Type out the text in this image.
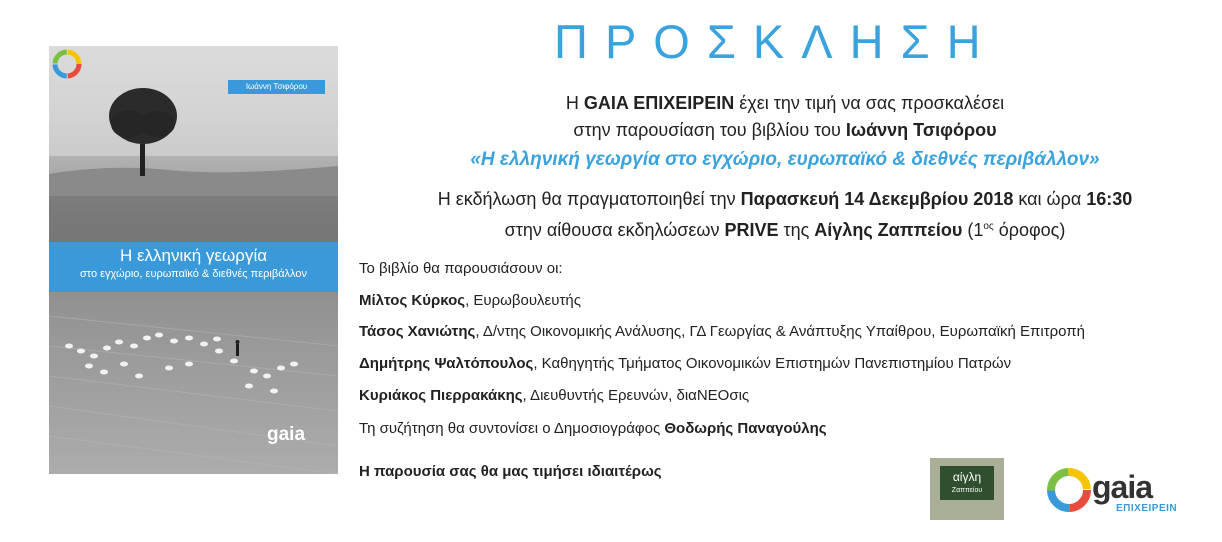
Ιωάννη Τσιφόρου
Η ελληνική γεωργία
στο εγχώριο, ευρωπαϊκό & διεθνές περιβάλλον
gaia
ΠΡΟΣΚΛΗΣΗ
Η GAIA ΕΠΙΧΕΙΡΕΙΝ έχει την τιμή να σας προσκαλέσει
στην παρουσίαση του βιβλίου του Ιωάννη Τσιφόρου
«Η ελληνική γεωργία στο εγχώριο, ευρωπαϊκό & διεθνές περιβάλλον»
Η εκδήλωση θα πραγματοποιηθεί την Παρασκευή 14 Δεκεμβρίου 2018 και ώρα 16:30
στην αίθουσα εκδηλώσεων PRIVE της Αίγλης Ζαππείου ($1^{o\varsigma}$ όροφος)
Το βιβλίο θα παρουσιάσουν οι:
Μίλτος Κύρκος, Ευρωβουλευτής
Τάσος Χανιώτης, Δ/ντης Οικονομικής Ανάλυσης, ΓΔ Γεωργίας & Ανάπτυξης Υπαίθρου, Ευρωπαϊκή Επιτροπή
Δημήτρης Ψαλτόπουλος, Καθηγητής Τμήματος Οικονομικών Επιστημών Πανεπιστημίου Πατρών
Κυριάκος Πιερρακάκης, Διευθυντής Ερευνών, διαΝΕΟσις
Τη συζήτηση θα συντονίσει ο Δημοσιογράφος Θοδωρής Παναγούλης
Η παρουσία σας θα μας τιμήσει ιδιαιτέρως	αίγλη
Ζαππείου	gaia
ΕΠΙΧΕΙΡΕΙΝ
